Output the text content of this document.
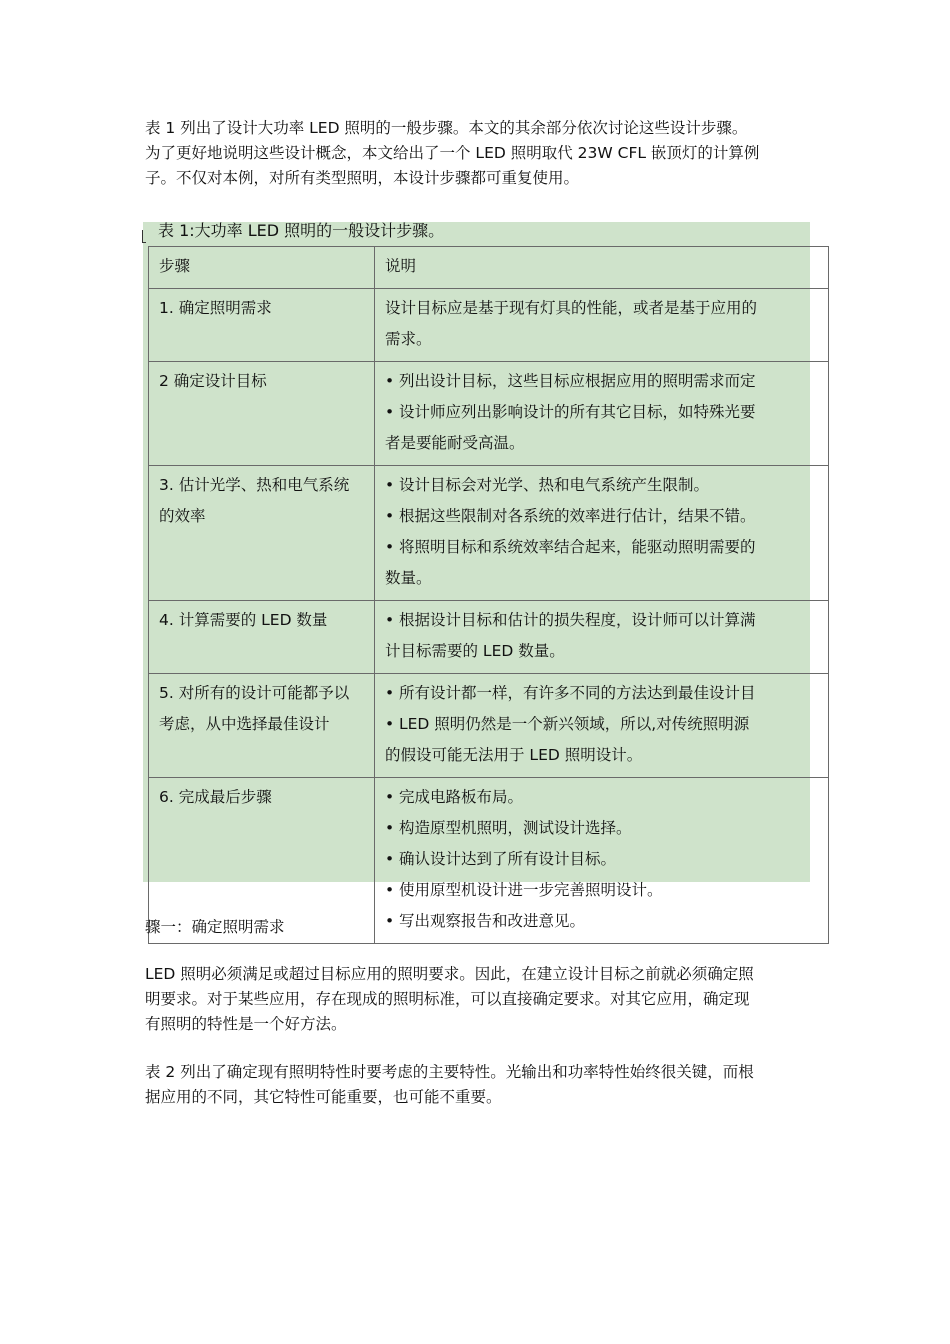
表 1 列出了设计大功率 LED 照明的一般步骤。本文的其余部分依次讨论这些设计步骤。
为了更好地说明这些设计概念，本文给出了一个 LED 照明取代 23W CFL 嵌顶灯的计算例
子。不仅对本例，对所有类型照明，本设计步骤都可重复使用。
表 1:大功率 LED 照明的一般设计步骤。
步骤	说明

1. 确定照明需求	设计目标应是基于现有灯具的性能，或者是基于应用的
需求。

2 确定设计目标	• 列出设计目标，这些目标应根据应用的照明需求而定
• 设计师应列出影响设计的所有其它目标，如特殊光要
者是要能耐受高温。

3. 估计光学、热和电气系统的效率	• 设计目标会对光学、热和电气系统产生限制。
• 根据这些限制对各系统的效率进行估计，结果不错。
• 将照明目标和系统效率结合起来，能驱动照明需要的
数量。

4. 计算需要的 LED 数量	• 根据设计目标和估计的损失程度，设计师可以计算满
计目标需要的 LED 数量。

5. 对所有的设计可能都予以考虑，从中选择最佳设计	• 所有设计都一样，有许多不同的方法达到最佳设计目
• LED 照明仍然是一个新兴领域，所以,对传统照明源
的假设可能无法用于 LED 照明设计。

6. 完成最后步骤	• 完成电路板布局。
• 构造原型机照明，测试设计选择。
• 确认设计达到了所有设计目标。
• 使用原型机设计进一步完善照明设计。
• 写出观察报告和改进意见。
骤一：确定照明需求
LED 照明必须满足或超过目标应用的照明要求。因此，在建立设计目标之前就必须确定照
明要求。对于某些应用，存在现成的照明标准，可以直接确定要求。对其它应用，确定现
有照明的特性是一个好方法。
表 2 列出了确定现有照明特性时要考虑的主要特性。光输出和功率特性始终很关键，而根
据应用的不同，其它特性可能重要，也可能不重要。
